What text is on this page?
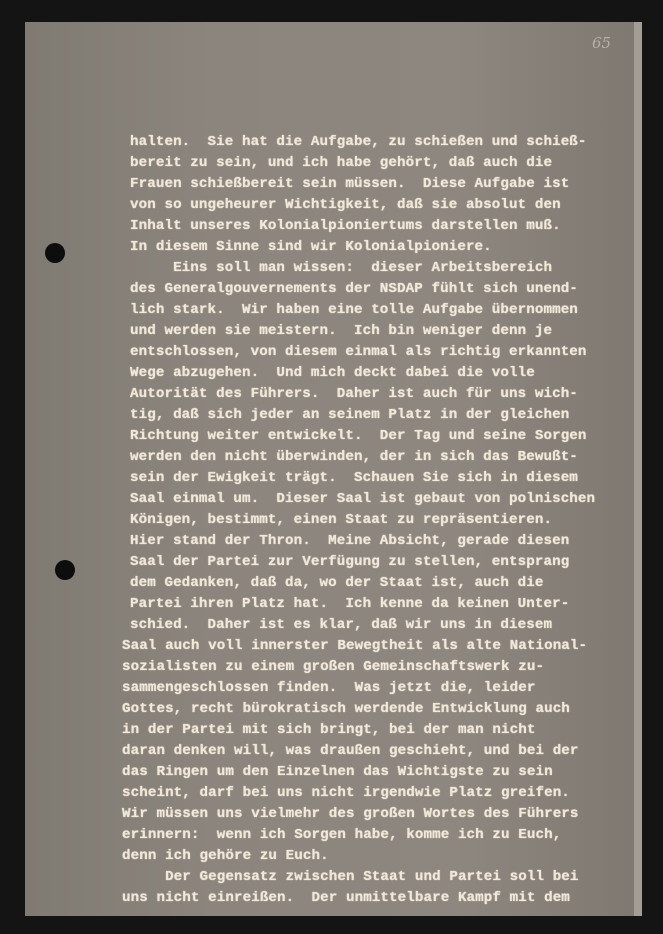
65
halten.  Sie hat die Aufgabe, zu schießen und schieß-
bereit zu sein, und ich habe gehört, daß auch die
Frauen schießbereit sein müssen.  Diese Aufgabe ist
von so ungeheurer Wichtigkeit, daß sie absolut den
Inhalt unseres Kolonialpioniertums darstellen muß.
In diesem Sinne sind wir Kolonialpioniere.
Eins soll man wissen:  dieser Arbeitsbereich
des Generalgouvernements der NSDAP fühlt sich unend-
lich stark.  Wir haben eine tolle Aufgabe übernommen
und werden sie meistern.  Ich bin weniger denn je
entschlossen, von diesem einmal als richtig erkannten
Wege abzugehen.  Und mich deckt dabei die volle
Autorität des Führers.  Daher ist auch für uns wich-
tig, daß sich jeder an seinem Platz in der gleichen
Richtung weiter entwickelt.  Der Tag und seine Sorgen
werden den nicht überwinden, der in sich das Bewußt-
sein der Ewigkeit trägt.  Schauen Sie sich in diesem
Saal einmal um.  Dieser Saal ist gebaut von polnischen
Königen, bestimmt, einen Staat zu repräsentieren.
Hier stand der Thron.  Meine Absicht, gerade diesen
Saal der Partei zur Verfügung zu stellen, entsprang
dem Gedanken, daß da, wo der Staat ist, auch die
Partei ihren Platz hat.  Ich kenne da keinen Unter-
schied.  Daher ist es klar, daß wir uns in diesem
Saal auch voll innerster Bewegtheit als alte National-
sozialisten zu einem großen Gemeinschaftswerk zu-
sammengeschlossen finden.  Was jetzt die, leider
Gottes, recht bürokratisch werdende Entwicklung auch
in der Partei mit sich bringt, bei der man nicht
daran denken will, was draußen geschieht, und bei der
das Ringen um den Einzelnen das Wichtigste zu sein
scheint, darf bei uns nicht irgendwie Platz greifen.
Wir müssen uns vielmehr des großen Wortes des Führers
erinnern:  wenn ich Sorgen habe, komme ich zu Euch,
denn ich gehöre zu Euch.
Der Gegensatz zwischen Staat und Partei soll bei
uns nicht einreißen.  Der unmittelbare Kampf mit dem
